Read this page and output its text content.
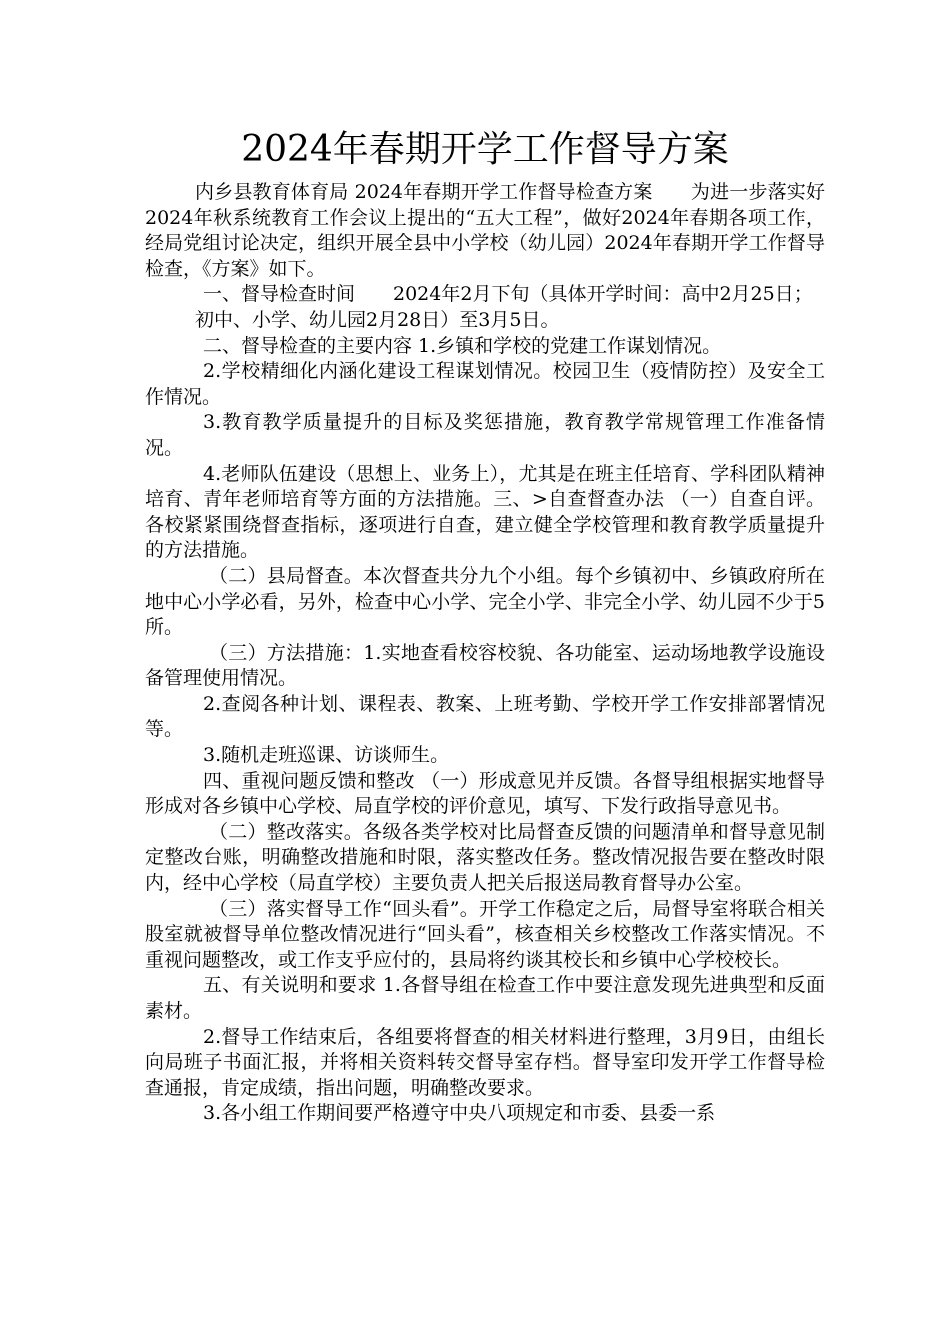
2024年春期开学工作督导方案

内乡县教育体育局 2024年春期开学工作督导检查方案　　为进一步落实好2024年秋系统教育工作会议上提出的“五大工程”，做好2024年春期各项工作，经局党组讨论决定，组织开展全县中小学校（幼儿园）2024年春期开学工作督导检查，《方案》如下。

一、督导检查时间　　2024年2月下旬（具体开学时间：高中2月25日；

初中、小学、幼儿园2月28日）至3月5日。

二、督导检查的主要内容 1.乡镇和学校的党建工作谋划情况。

2.学校精细化内涵化建设工程谋划情况。校园卫生（疫情防控）及安全工作情况。

3.教育教学质量提升的目标及奖惩措施，教育教学常规管理工作准备情况。

4.老师队伍建设（思想上、业务上），尤其是在班主任培育、学科团队精神培育、青年老师培育等方面的方法措施。三、>自查督查办法 （一）自查自评。各校紧紧围绕督查指标，逐项进行自查，建立健全学校管理和教育教学质量提升的方法措施。

（二）县局督查。本次督查共分九个小组。每个乡镇初中、乡镇政府所在地中心小学必看，另外，检查中心小学、完全小学、非完全小学、幼儿园不少于5所。

（三）方法措施：1.实地查看校容校貌、各功能室、运动场地教学设施设备管理使用情况。

2.查阅各种计划、课程表、教案、上班考勤、学校开学工作安排部署情况等。

3.随机走班巡课、访谈师生。

四、重视问题反馈和整改 （一）形成意见并反馈。各督导组根据实地督导形成对各乡镇中心学校、局直学校的评价意见，填写、下发行政指导意见书。

（二）整改落实。各级各类学校对比局督查反馈的问题清单和督导意见制定整改台账，明确整改措施和时限，落实整改任务。整改情况报告要在整改时限内，经中心学校（局直学校）主要负责人把关后报送局教育督导办公室。

（三）落实督导工作“回头看”。开学工作稳定之后，局督导室将联合相关股室就被督导单位整改情况进行“回头看”，核查相关乡校整改工作落实情况。不重视问题整改，或工作支乎应付的，县局将约谈其校长和乡镇中心学校校长。

五、有关说明和要求 1.各督导组在检查工作中要注意发现先进典型和反面素材。

2.督导工作结束后，各组要将督查的相关材料进行整理，3月9日，由组长向局班子书面汇报，并将相关资料转交督导室存档。督导室印发开学工作督导检查通报，肯定成绩，指出问题，明确整改要求。

3.各小组工作期间要严格遵守中央八项规定和市委、县委一系
